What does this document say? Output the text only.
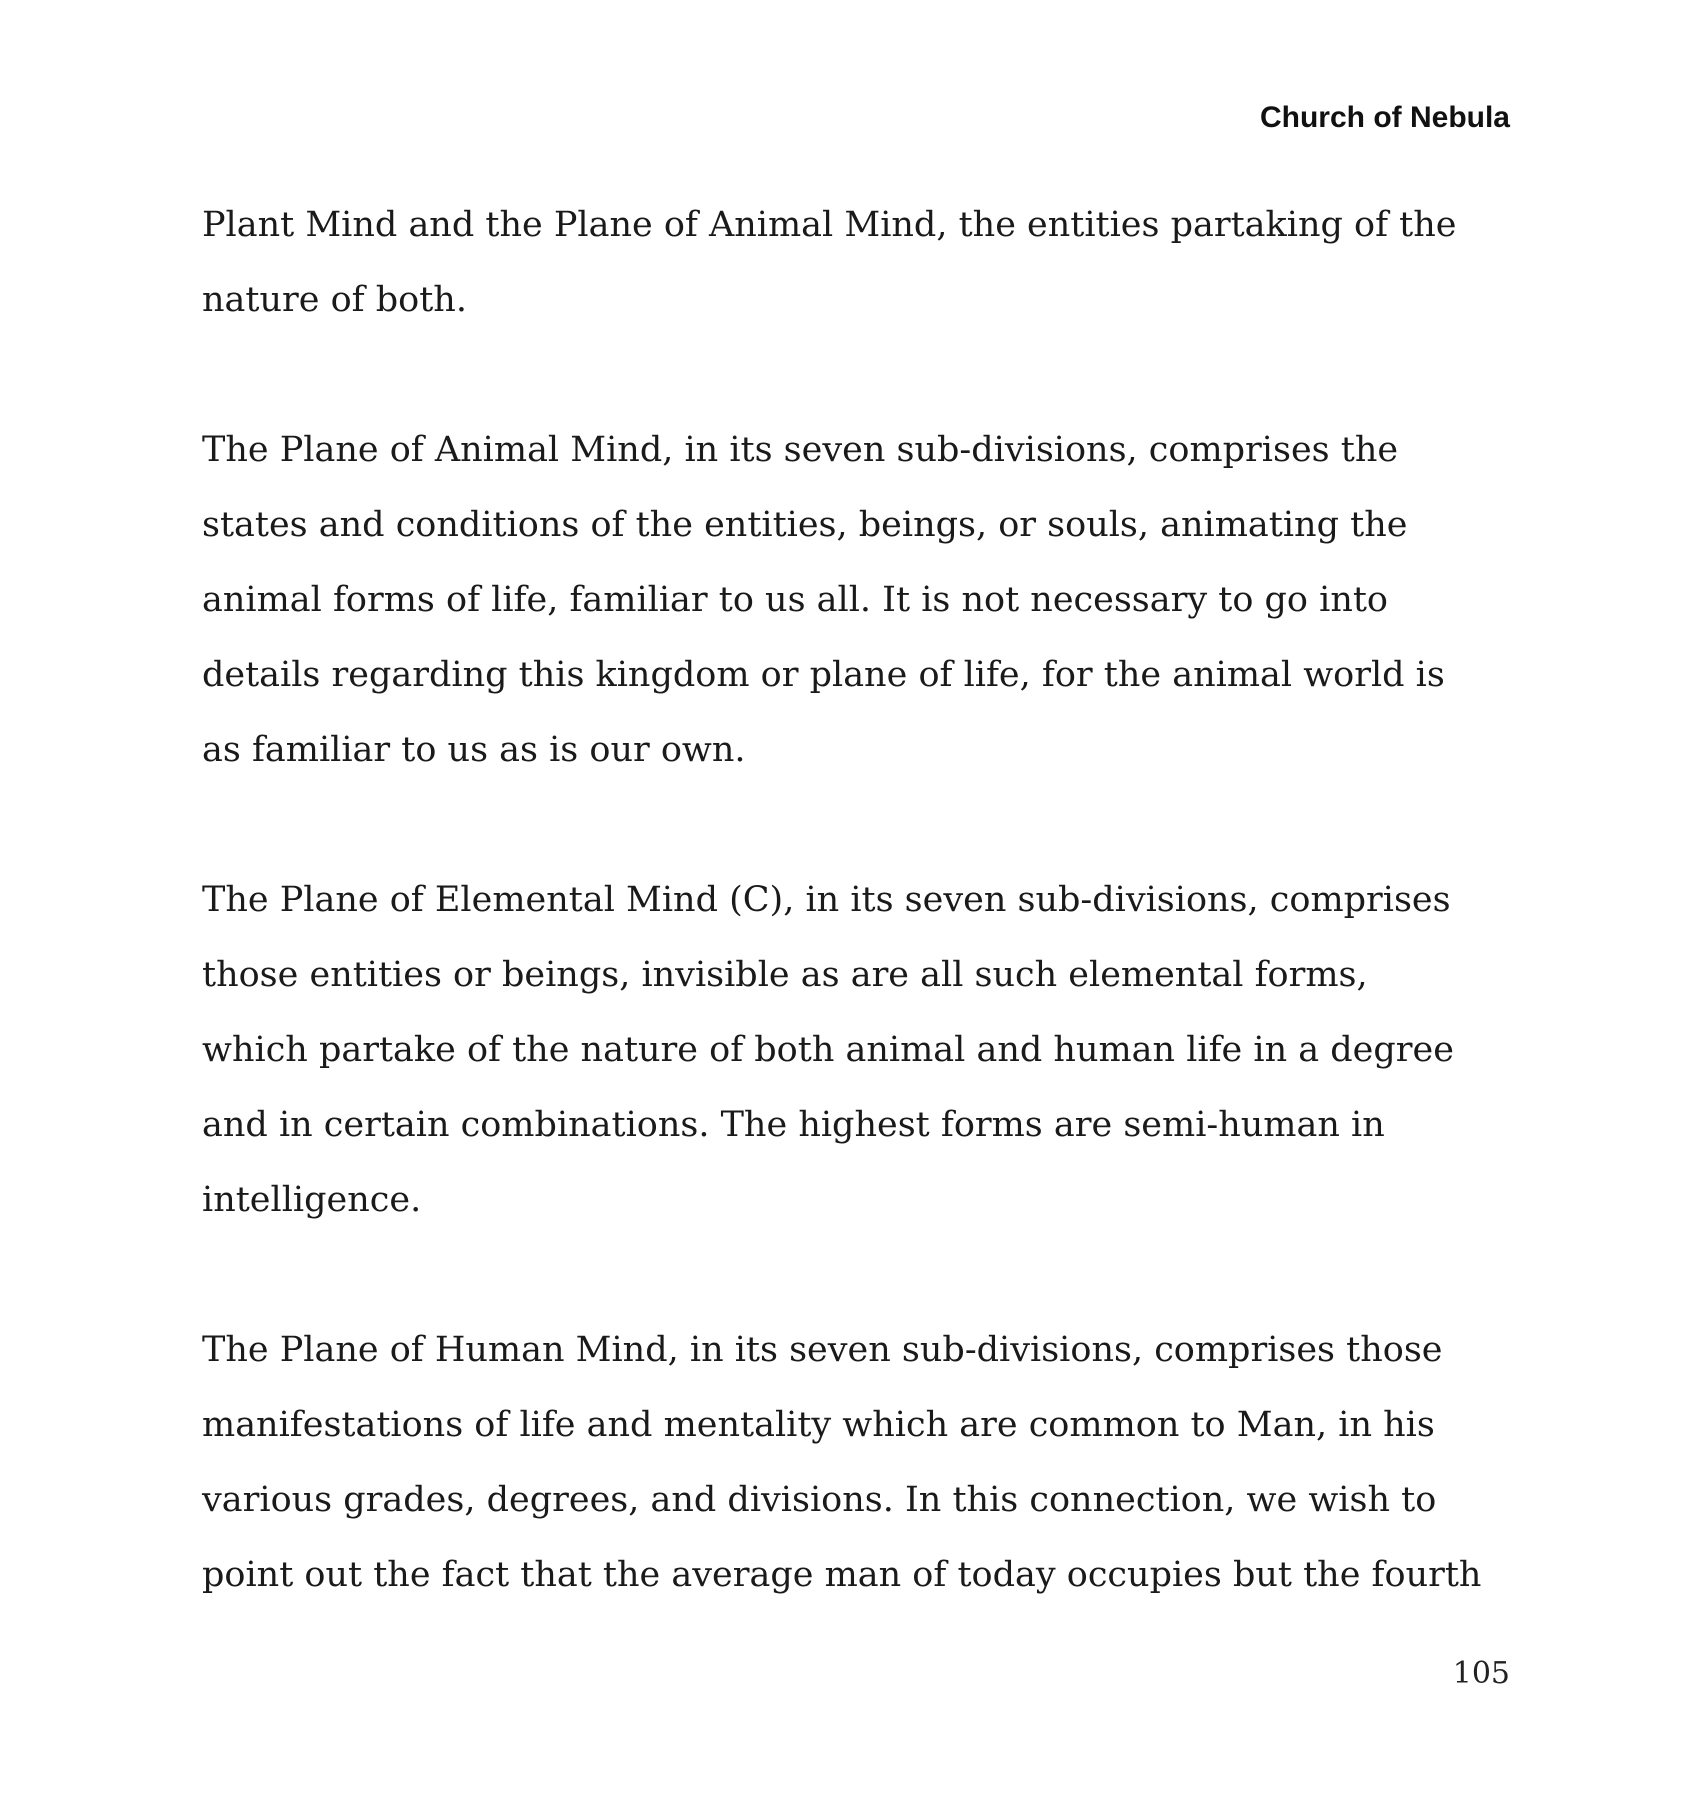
Church of Nebula

Plant Mind and the Plane of Animal Mind, the entities partaking of the
nature of both.

The Plane of Animal Mind, in its seven sub-divisions, comprises the
states and conditions of the entities, beings, or souls, animating the
animal forms of life, familiar to us all. It is not necessary to go into
details regarding this kingdom or plane of life, for the animal world is
as familiar to us as is our own.

The Plane of Elemental Mind (C), in its seven sub-divisions, comprises
those entities or beings, invisible as are all such elemental forms,
which partake of the nature of both animal and human life in a degree
and in certain combinations. The highest forms are semi-human in
intelligence.

The Plane of Human Mind, in its seven sub-divisions, comprises those
manifestations of life and mentality which are common to Man, in his
various grades, degrees, and divisions. In this connection, we wish to
point out the fact that the average man of today occupies but the fourth

105
